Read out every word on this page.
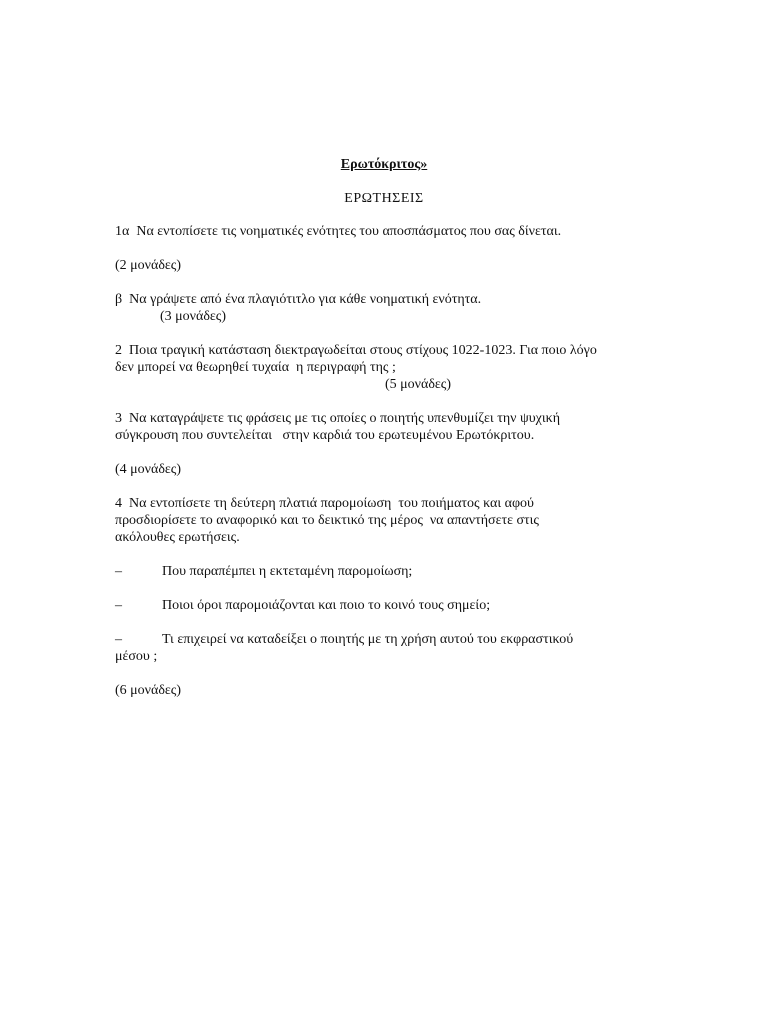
Ερωτόκριτος»

ΕΡΩΤΗΣΕΙΣ

1α  Να εντοπίσετε τις νοηματικές ενότητες του αποσπάσματος που σας δίνεται.

(2 μονάδες)

β  Να γράψετε από ένα πλαγιότιτλο για κάθε νοηματική ενότητα.

(3 μονάδες)

2  Ποια τραγική κατάσταση διεκτραγωδείται στους στίχους 1022-1023. Για ποιο λόγο

δεν μπορεί να θεωρηθεί τυχαία  η περιγραφή της ;

(5 μονάδες)

3  Να καταγράψετε τις φράσεις με τις οποίες ο ποιητής υπενθυμίζει την ψυχική

σύγκρουση που συντελείται   στην καρδιά του ερωτευμένου Ερωτόκριτου.

(4 μονάδες)

4  Να εντοπίσετε τη δεύτερη πλατιά παρομοίωση  του ποιήματος και αφού

προσδιορίσετε το αναφορικό και το δεικτικό της μέρος  να απαντήσετε στις

ακόλουθες ερωτήσεις.

–	Που παραπέμπει η εκτεταμένη παρομοίωση;
–	Ποιοι όροι παρομοιάζονται και ποιο το κοινό τους σημείο;
–	Τι επιχειρεί να καταδείξει ο ποιητής με τη χρήση αυτού του εκφραστικού

μέσου ;

(6 μονάδες)
